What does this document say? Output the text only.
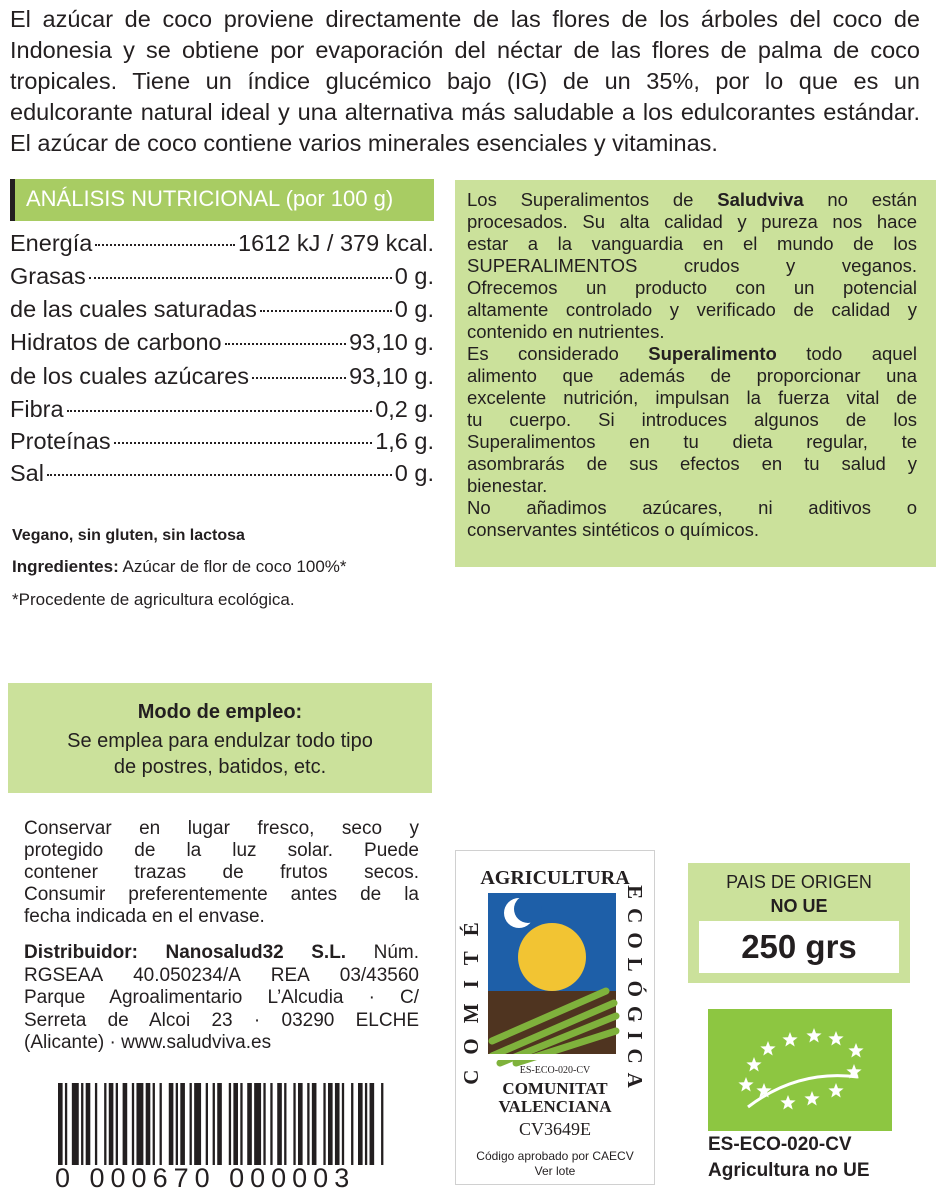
El azúcar de coco proviene directamente de las flores de los árboles del coco de Indonesia y se obtiene por evaporación del néctar de las flores de palma de coco tropicales. Tiene un índice glucémico bajo (IG) de un 35%, por lo que es un edulcorante natural ideal y una alternativa más saludable a los edulcorantes estándar. El azúcar de coco contiene varios minerales esenciales y vitaminas.

ANÁLISIS NUTRICIONAL (por 100 g)
Energía	1612 kJ / 379 kcal.
Grasas	0 g.
de las cuales saturadas	0 g.
Hidratos de carbono	93,10 g.
de los cuales azúcares	93,10 g.
Fibra	0,2 g.
Proteínas	1,6 g.
Sal	0 g.
Vegano, sin gluten, sin lactosa
Ingredientes: Azúcar de flor de coco 100%*
*Procedente de agricultura ecológica.
Los Superalimentos de Saludviva no están
procesados. Su alta calidad y pureza nos hace
estar a la vanguardia en el mundo de los
SUPERALIMENTOS crudos y veganos.
Ofrecemos un producto con un potencial
altamente controlado y verificado de calidad y
contenido en nutrientes.
Es considerado Superalimento todo aquel
alimento que además de proporcionar una
excelente nutrición, impulsan la fuerza vital de
tu cuerpo. Si introduces algunos de los
Superalimentos en tu dieta regular, te
asombrarás de sus efectos en tu salud y
bienestar.
No añadimos azúcares, ni aditivos o
conservantes sintéticos o químicos.
Modo de empleo:
Se emplea para endulzar todo tipo
de postres, batidos, etc.
Conservar en lugar fresco, seco y
protegido de la luz solar. Puede
contener trazas de frutos secos.
Consumir preferentemente antes de la
fecha indicada en el envase.
Distribuidor: Nanosalud32 S.L. Núm.
RGSEAA 40.050234/A REA 03/43560
Parque Agroalimentario L’Alcudia · C/
Serreta de Alcoi 23 · 03290 ELCHE
(Alicante) · www.saludviva.es
0 000670 000003
AGRICULTURA
COMITÉ	ECOLÓGICA
ES-ECO-020-CV
COMUNITAT
VALENCIANA
CV3649E
Código aprobado por CAECV
Ver lote
PAIS DE ORIGEN
NO UE
250 grs
ES-ECO-020-CV
Agricultura no UE
